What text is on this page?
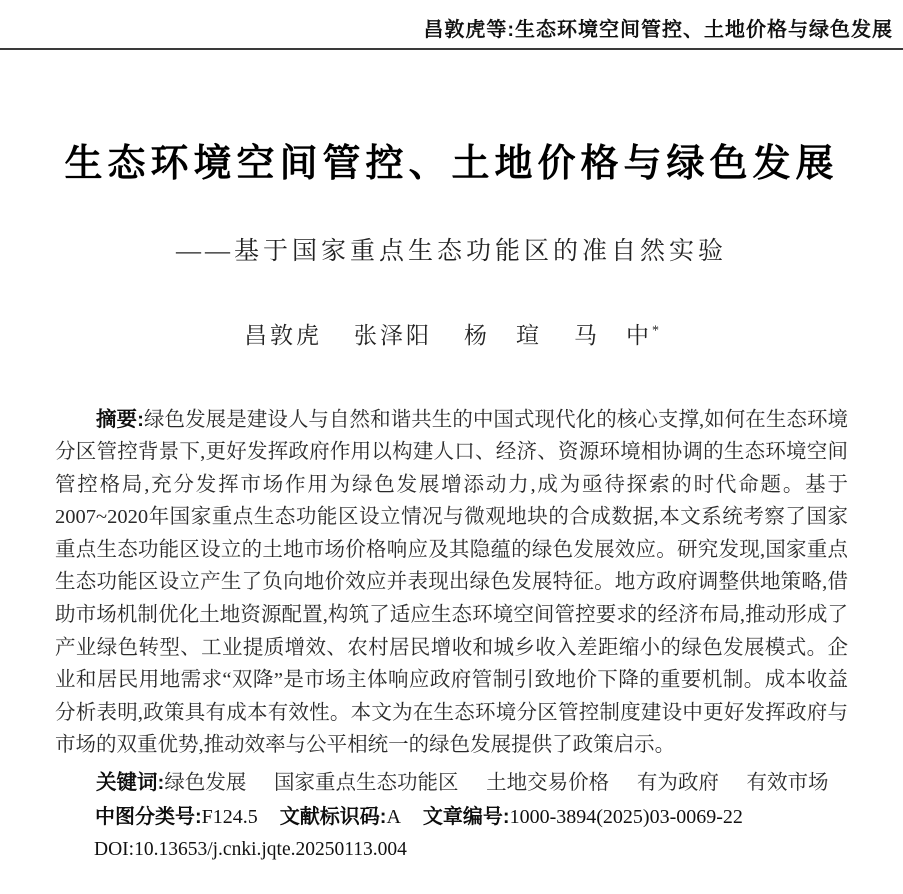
昌敦虎等:生态环境空间管控、土地价格与绿色发展
生态环境空间管控、土地价格与绿色发展
——基于国家重点生态功能区的准自然实验
昌敦虎 张泽阳 杨　瑄 马　中*

摘要:绿色发展是建设人与自然和谐共生的中国式现代化的核心支撑,如何在生态环境分区管控背景下,更好发挥政府作用以构建人口、经济、资源环境相协调的生态环境空间管控格局,充分发挥市场作用为绿色发展增添动力,成为亟待探索的时代命题。基于2007~2020年国家重点生态功能区设立情况与微观地块的合成数据,本文系统考察了国家重点生态功能区设立的土地市场价格响应及其隐蕴的绿色发展效应。研究发现,国家重点生态功能区设立产生了负向地价效应并表现出绿色发展特征。地方政府调整供地策略,借助市场机制优化土地资源配置,构筑了适应生态环境空间管控要求的经济布局,推动形成了产业绿色转型、工业提质增效、农村居民增收和城乡收入差距缩小的绿色发展模式。企业和居民用地需求“双降”是市场主体响应政府管制引致地价下降的重要机制。成本收益分析表明,政策具有成本有效性。本文为在生态环境分区管控制度建设中更好发挥政府与市场的双重优势,推动效率与公平相统一的绿色发展提供了政策启示。

关键词:绿色发展 国家重点生态功能区 土地交易价格 有为政府 有效市场

中图分类号:F124.5 文献标识码:A 文章编号:1000-3894(2025)03-0069-22

DOI:10.13653/j.cnki.jqte.20250113.004
